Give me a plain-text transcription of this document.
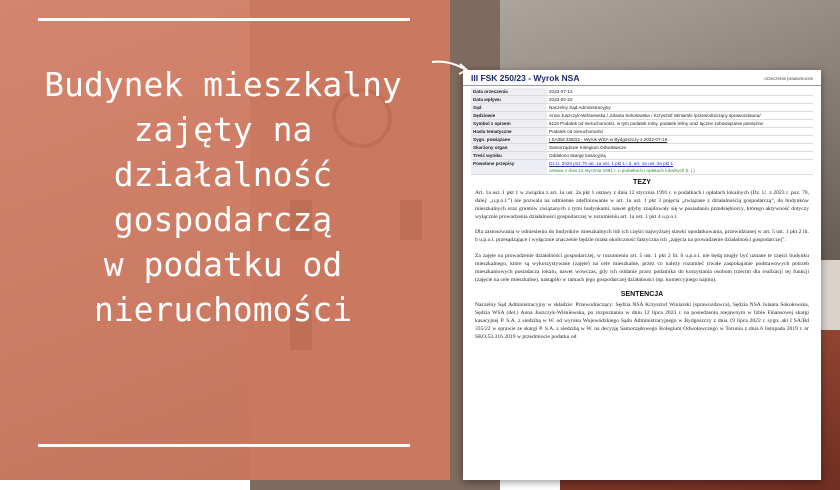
Budynek mieszkalny
zajęty na
działalność
gospodarczą
w podatku od
nieruchomości
III FSK 250/23 - Wyrok NSA	orzeczenie prawomocne
Data orzeczenia	2023-07-12
Data wpływu	2023-02-22
Sąd	Naczelny Sąd Administracyjny
Sędziowie	Anna Juszczyk-Wiśniewska / Jolanta Sokołowska / Krzysztof Winiarski /przewodniczący sprawozdawca/
Symbol z opisem	6116 Podatek od nieruchomości, w tym podatek rolny, podatek leśny oraz łączne zobowiązanie pieniężne
Hasła tematyczne	Podatek od nieruchomości
Sygn. powiązane	I SA/Bd 335/22 - Wyrok WSA w Bydgoszczy z 2022-07-19
Skarżony organ	Samorządowe Kolegium Odwoławcze
Treść wyniku	Oddalono skargę kasacyjną
Powołane przepisy	Dz.U. 2023 poz 70 art. 1a ust. 1 pkt 1 i 3, art. 1a ust. 2a pkt 1
ustawa z dnia 12 stycznia 1991 r. o podatkach i opłatach lokalnych (t. j.)
TEZY

Art. 1a ust. 1 pkt 1 w związku z art. 1a ust. 2a pkt 1 ustawy z dnia 12 stycznia 1991 r. o podatkach i opłatach lokalnych (Dz. U. z 2023 r. poz. 70, dalej: „u.p.o.l.”) nie pozwala na odmienne zdefiniowanie w art. 1a ust. 1 pkt 3 pojęcia „związane z działalnością gospodarczą”, do budynków mieszkalnych oraz gruntów związanych z tymi budynkami, nawet gdyby znajdowały się w posiadaniu przedsiębiorcy, którego aktywność dotyczy wyłącznie prowadzenia działalności gospodarczej w rozumieniu art. 1a ust. 1 pkt 4 u.p.o.l.

Dla zastosowania w odniesieniu do budynków mieszkalnych lub ich części najwyższej stawki opodatkowania, przewidzianej w art. 5 ust. 1 pkt 2 lit. b u.p.o.l. przesądzające i wyłącznie znaczenie będzie miała okoliczność faktyczna ich „zajęcia na prowadzenie działalności gospodarczej”.

Za zajęte na prowadzenie działalności gospodarczej, w rozumieniu art. 5 ust. 1 pkt 2 lit. b u.p.o.l. nie będą mogły być uznane te części budynku mieszkalnego, które są wykorzystywane (zajęte) na cele mieszkalne, przez co należy rozumieć trwałe zaspokajanie podstawowych potrzeb mieszkaniowych posiadacza lokalu, nawet wówczas, gdy ich oddanie przez podatnika do korzystania osobom trzecim dla realizacji tej funkcji (zajęcie na cele mieszkalne), nastąpiło w ramach jego gospodarczej działalności (np. komercyjnego najmu).

SENTENCJA

Naczelny Sąd Administracyjny w składzie: Przewodniczący: Sędzia NSA Krzysztof Winiarski (sprawozdawca), Sędzia NSA Jolanta Sokołowska, Sędzia WSA (del.) Anna Juszczyk-Wiśniewska, po rozpoznaniu w dniu 12 lipca 2023 r. na posiedzeniu niejawnym w Izbie Finansowej skargi kasacyjnej P. S.A. z siedzibą w W. od wyroku Wojewódzkiego Sądu Administracyjnego w Bydgoszczy z dnia 19 lipca 2022 r. sygn. akt I SA/Bd 335/22 w sprawie ze skargi P. S.A. z siedzibą w W. na decyzję Samorządowego Kolegium Odwoławczego w Toruniu z dnia 6 listopada 2019 r. nr SKO.53.316.2019 w przedmiocie podatku od
